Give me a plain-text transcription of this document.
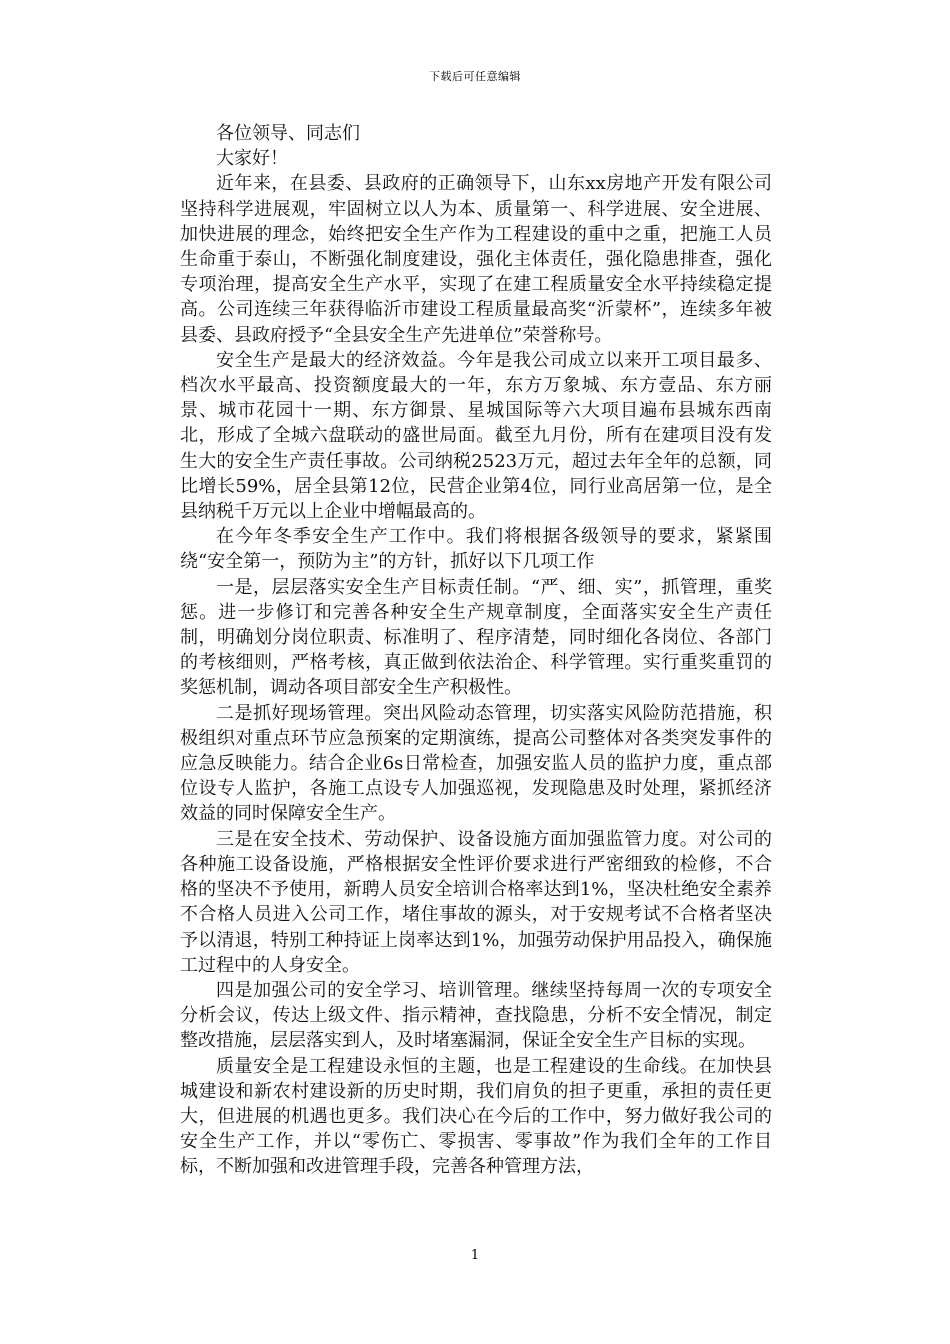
下载后可任意编辑

各位领导、同志们

大家好！

近年来，在县委、县政府的正确领导下，山东xx房地产开发有限公司坚持科学进展观，牢固树立以人为本、质量第一、科学进展、安全进展、加快进展的理念，始终把安全生产作为工程建设的重中之重，把施工人员生命重于泰山，不断强化制度建设，强化主体责任，强化隐患排查，强化专项治理，提高安全生产水平，实现了在建工程质量安全水平持续稳定提高。公司连续三年获得临沂市建设工程质量最高奖“沂蒙杯”，连续多年被县委、县政府授予“全县安全生产先进单位”荣誉称号。

安全生产是最大的经济效益。今年是我公司成立以来开工项目最多、档次水平最高、投资额度最大的一年，东方万象城、东方壹品、东方丽景、城市花园十一期、东方御景、星城国际等六大项目遍布县城东西南北，形成了全城六盘联动的盛世局面。截至九月份，所有在建项目没有发生大的安全生产责任事故。公司纳税2523万元，超过去年全年的总额，同比增长59%，居全县第12位，民营企业第4位，同行业高居第一位，是全县纳税千万元以上企业中增幅最高的。

在今年冬季安全生产工作中。我们将根据各级领导的要求，紧紧围绕“安全第一，预防为主”的方针，抓好以下几项工作

一是，层层落实安全生产目标责任制。“严、细、实”，抓管理，重奖惩。进一步修订和完善各种安全生产规章制度，全面落实安全生产责任制，明确划分岗位职责、标准明了、程序清楚，同时细化各岗位、各部门的考核细则，严格考核，真正做到依法治企、科学管理。实行重奖重罚的奖惩机制，调动各项目部安全生产积极性。

二是抓好现场管理。突出风险动态管理，切实落实风险防范措施，积极组织对重点环节应急预案的定期演练，提高公司整体对各类突发事件的应急反映能力。结合企业6s日常检查，加强安监人员的监护力度，重点部位设专人监护，各施工点设专人加强巡视，发现隐患及时处理，紧抓经济效益的同时保障安全生产。

三是在安全技术、劳动保护、设备设施方面加强监管力度。对公司的各种施工设备设施，严格根据安全性评价要求进行严密细致的检修，不合格的坚决不予使用，新聘人员安全培训合格率达到1%，坚决杜绝安全素养不合格人员进入公司工作，堵住事故的源头，对于安规考试不合格者坚决予以清退，特别工种持证上岗率达到1%，加强劳动保护用品投入，确保施工过程中的人身安全。

四是加强公司的安全学习、培训管理。继续坚持每周一次的专项安全分析会议，传达上级文件、指示精神，查找隐患，分析不安全情况，制定整改措施，层层落实到人，及时堵塞漏洞，保证全安全生产目标的实现。

质量安全是工程建设永恒的主题，也是工程建设的生命线。在加快县城建设和新农村建设新的历史时期，我们肩负的担子更重，承担的责任更大，但进展的机遇也更多。我们决心在今后的工作中，努力做好我公司的安全生产工作，并以“零伤亡、零损害、零事故”作为我们全年的工作目标，不断加强和改进管理手段，完善各种管理方法，

1
